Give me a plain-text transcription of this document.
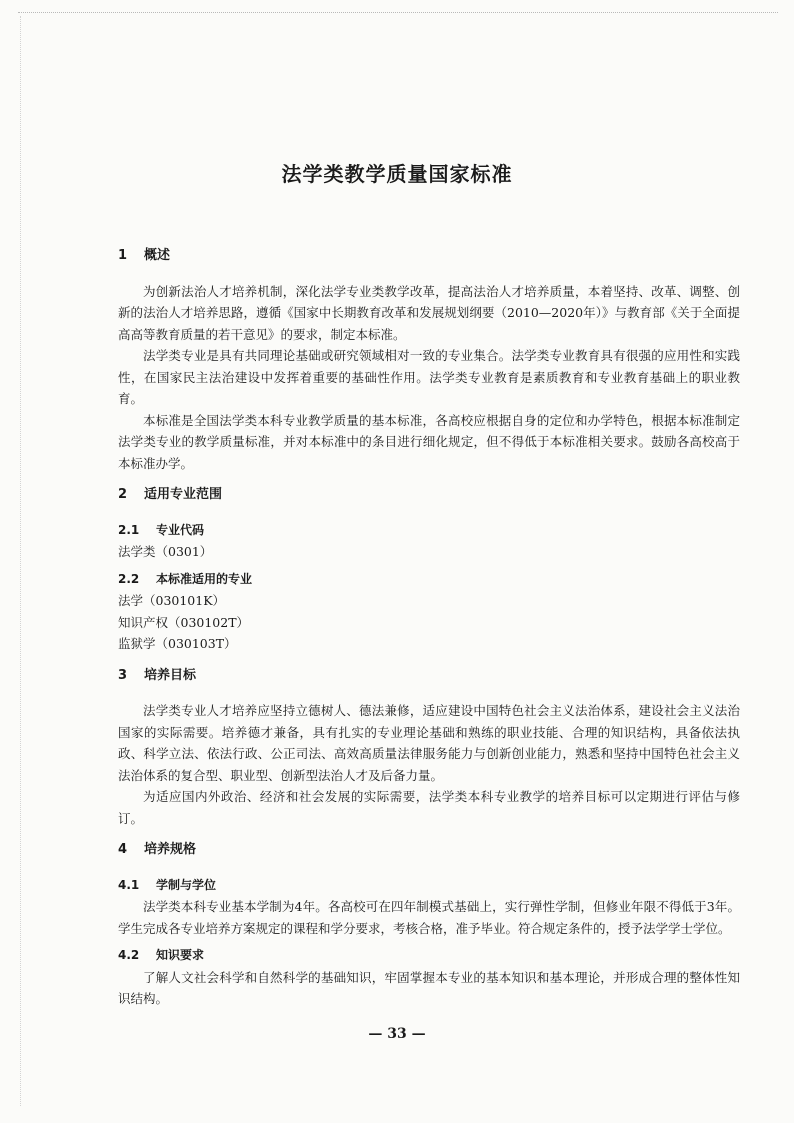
法学类教学质量国家标准
1 概述

为创新法治人才培养机制，深化法学专业类教学改革，提高法治人才培养质量，本着坚持、改革、调整、创新的法治人才培养思路，遵循《国家中长期教育改革和发展规划纲要（2010—2020年）》与教育部《关于全面提高高等教育质量的若干意见》的要求，制定本标准。

法学类专业是具有共同理论基础或研究领域相对一致的专业集合。法学类专业教育具有很强的应用性和实践性，在国家民主法治建设中发挥着重要的基础性作用。法学类专业教育是素质教育和专业教育基础上的职业教育。

本标准是全国法学类本科专业教学质量的基本标准，各高校应根据自身的定位和办学特色，根据本标准制定法学类专业的教学质量标准，并对本标准中的条目进行细化规定，但不得低于本标准相关要求。鼓励各高校高于本标准办学。

2 适用专业范围
2.1 专业代码
法学类（0301）
2.2 本标准适用的专业
法学（030101K）
知识产权（030102T）
监狱学（030103T）
3 培养目标

法学类专业人才培养应坚持立德树人、德法兼修，适应建设中国特色社会主义法治体系，建设社会主义法治国家的实际需要。培养德才兼备，具有扎实的专业理论基础和熟练的职业技能、合理的知识结构，具备依法执政、科学立法、依法行政、公正司法、高效高质量法律服务能力与创新创业能力，熟悉和坚持中国特色社会主义法治体系的复合型、职业型、创新型法治人才及后备力量。

为适应国内外政治、经济和社会发展的实际需要，法学类本科专业教学的培养目标可以定期进行评估与修订。

4 培养规格
4.1 学制与学位

法学类本科专业基本学制为4年。各高校可在四年制模式基础上，实行弹性学制，但修业年限不得低于3年。学生完成各专业培养方案规定的课程和学分要求，考核合格，准予毕业。符合规定条件的，授予法学学士学位。

4.2 知识要求

了解人文社会科学和自然科学的基础知识，牢固掌握本专业的基本知识和基本理论，并形成合理的整体性知识结构。

— 33 —
